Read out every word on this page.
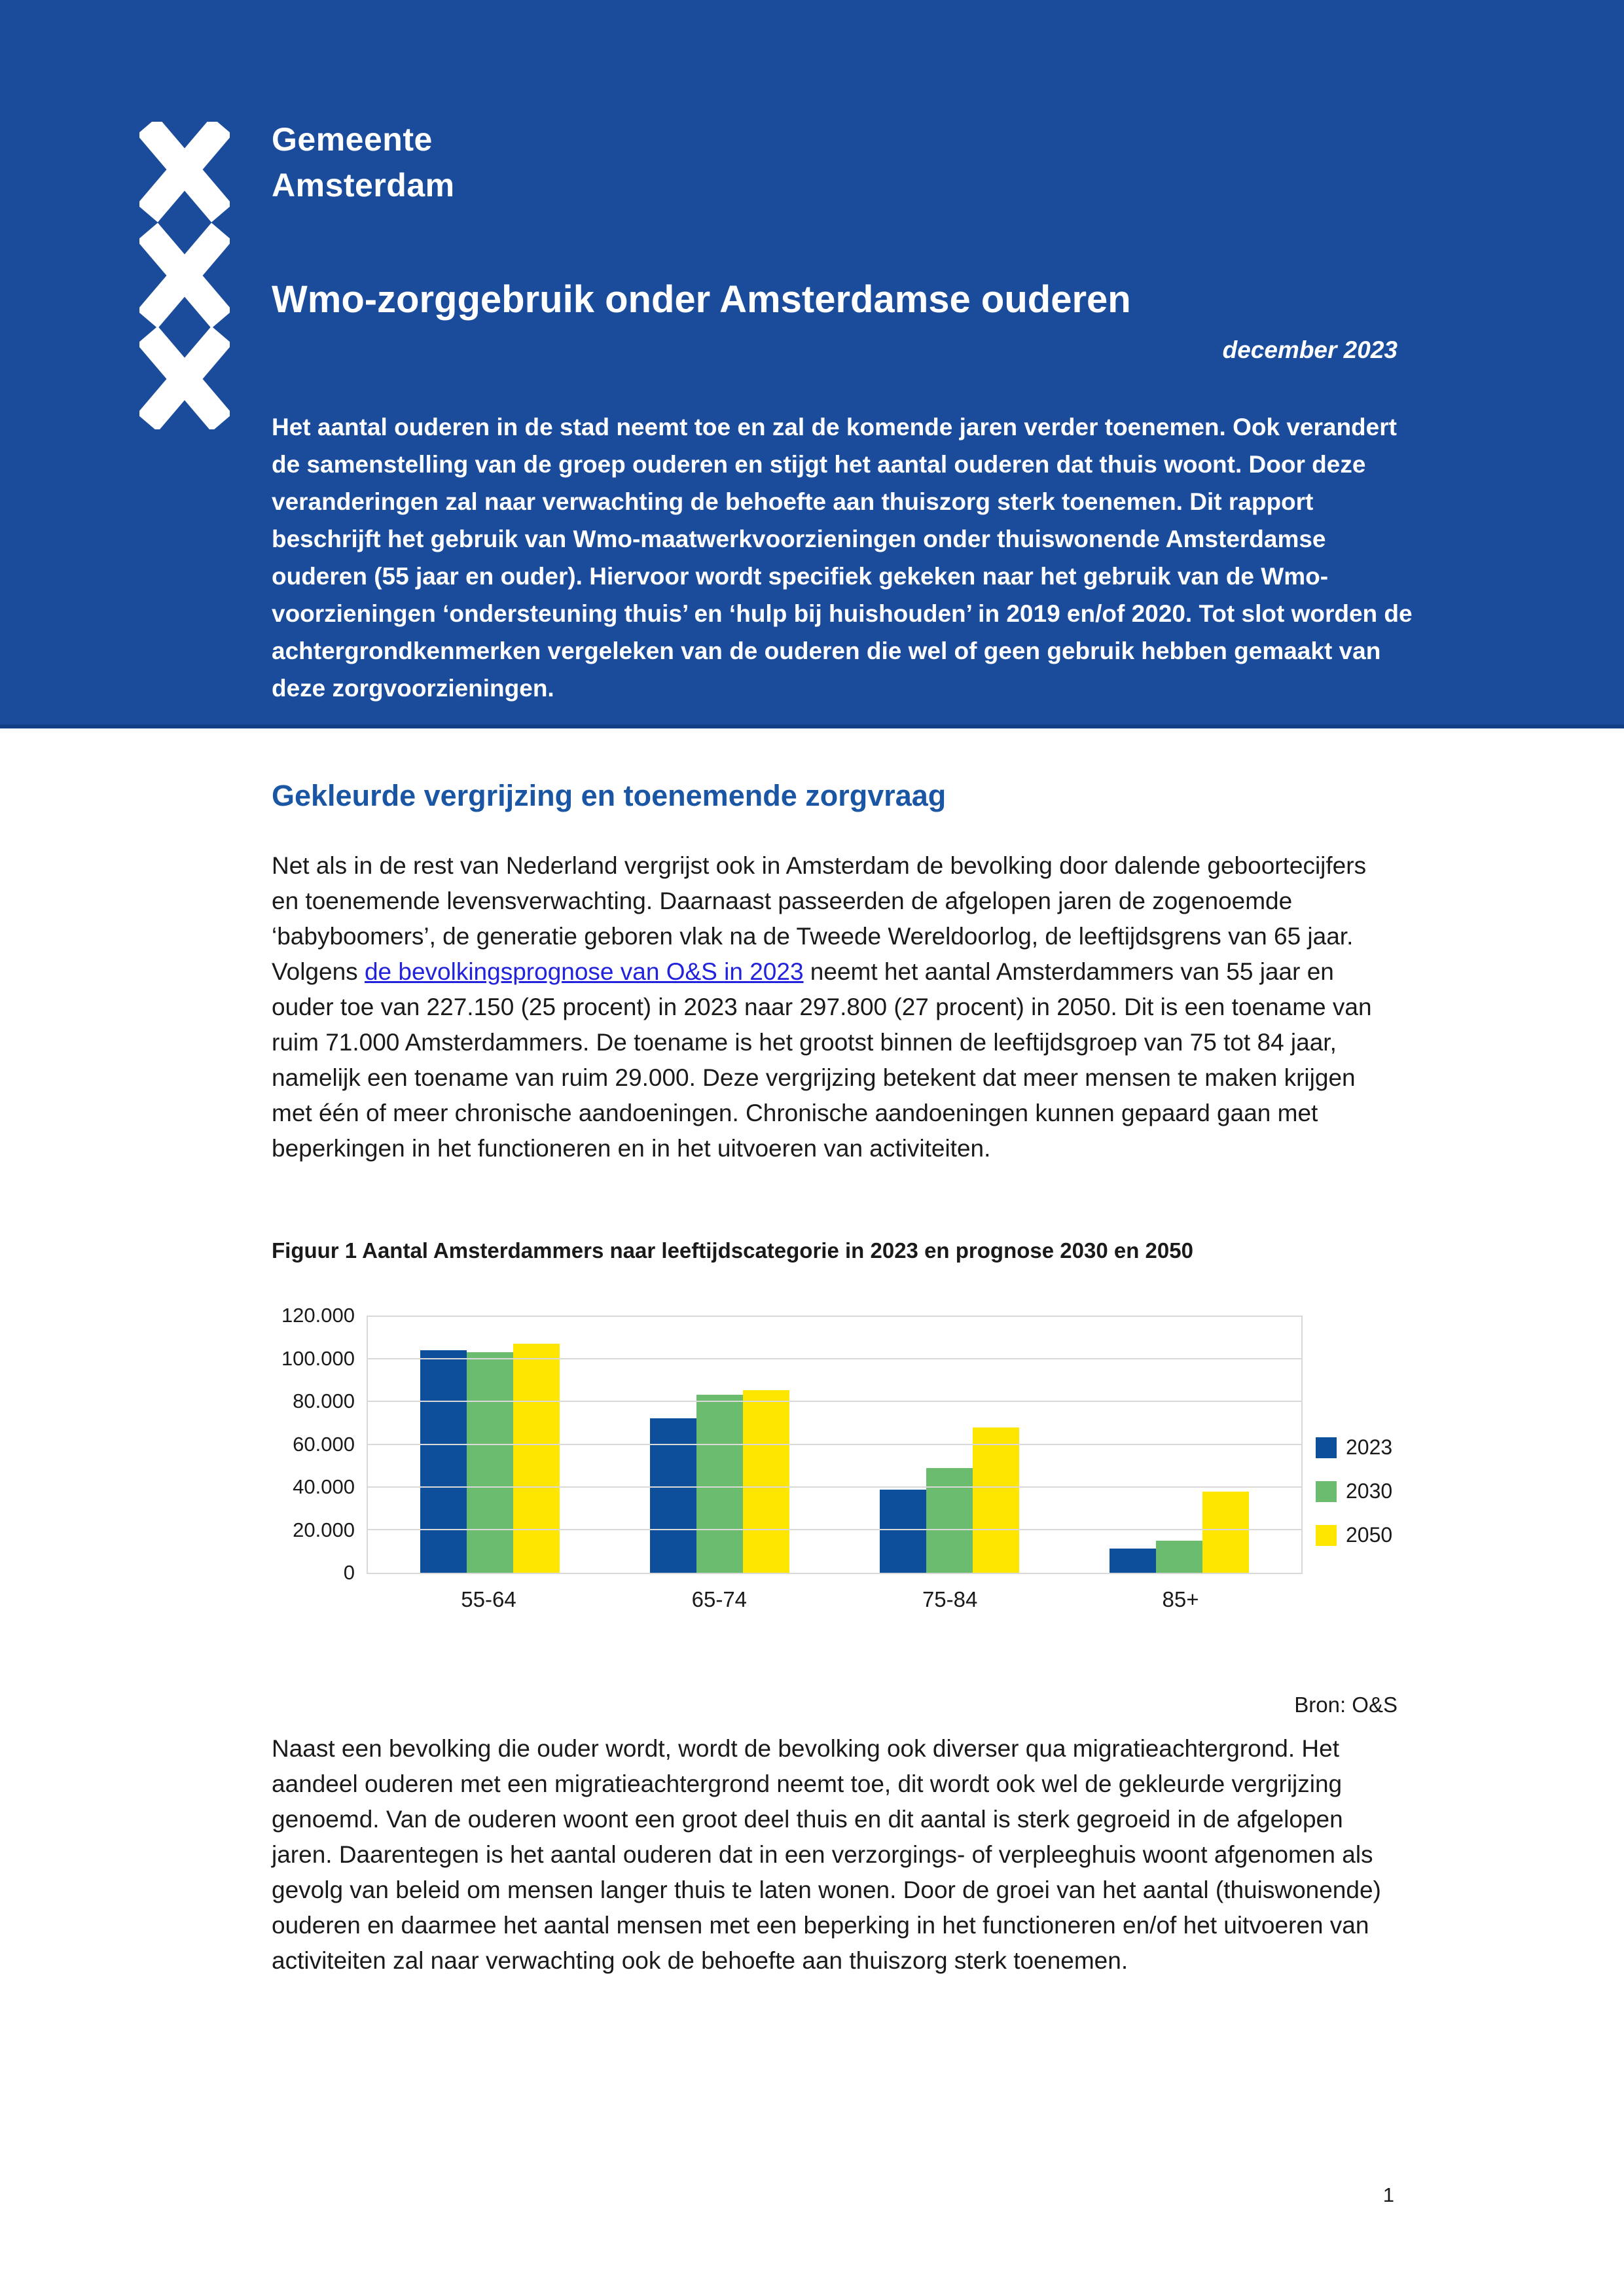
Gemeente
Amsterdam
Wmo-zorggebruik onder Amsterdamse ouderen
december 2023

Het aantal ouderen in de stad neemt toe en zal de komende jaren verder toenemen. Ook verandert de samenstelling van de groep ouderen en stijgt het aantal ouderen dat thuis woont. Door deze veranderingen zal naar verwachting de behoefte aan thuiszorg sterk toenemen. Dit rapport beschrijft het gebruik van Wmo-maatwerkvoorzieningen onder thuiswonende Amsterdamse ouderen (55 jaar en ouder). Hiervoor wordt specifiek gekeken naar het gebruik van de Wmo-voorzieningen ‘ondersteuning thuis’ en ‘hulp bij huishouden’ in 2019 en/of 2020. Tot slot worden de achtergrondkenmerken vergeleken van de ouderen die wel of geen gebruik hebben gemaakt van deze zorgvoorzieningen.

Gekleurde vergrijzing en toenemende zorgvraag

Net als in de rest van Nederland vergrijst ook in Amsterdam de bevolking door dalende geboortecijfers en toenemende levensverwachting. Daarnaast passeerden de afgelopen jaren de zogenoemde ‘babyboomers’, de generatie geboren vlak na de Tweede Wereldoorlog, de leeftijdsgrens van 65 jaar. Volgens de bevolkingsprognose van O&S in 2023 neemt het aantal Amsterdammers van 55 jaar en ouder toe van 227.150 (25 procent) in 2023 naar 297.800 (27 procent) in 2050. Dit is een toename van ruim 71.000 Amsterdammers. De toename is het grootst binnen de leeftijdsgroep van 75 tot 84 jaar, namelijk een toename van ruim 29.000. Deze vergrijzing betekent dat meer mensen te maken krijgen met één of meer chronische aandoeningen. Chronische aandoeningen kunnen gepaard gaan met beperkingen in het functioneren en in het uitvoeren van activiteiten.

Figuur 1 Aantal Amsterdammers naar leeftijdscategorie in 2023 en prognose 2030 en 2050
0
20.000
40.000
60.000
80.000
100.000
120.000
55-64	65-74	75-84	85+
2023
2030
2050
Bron: O&S

Naast een bevolking die ouder wordt, wordt de bevolking ook diverser qua migratieachtergrond. Het aandeel ouderen met een migratieachtergrond neemt toe, dit wordt ook wel de gekleurde vergrijzing genoemd. Van de ouderen woont een groot deel thuis en dit aantal is sterk gegroeid in de afgelopen jaren. Daarentegen is het aantal ouderen dat in een verzorgings- of verpleeghuis woont afgenomen als gevolg van beleid om mensen langer thuis te laten wonen. Door de groei van het aantal (thuiswonende) ouderen en daarmee het aantal mensen met een beperking in het functioneren en/of het uitvoeren van activiteiten zal naar verwachting ook de behoefte aan thuiszorg sterk toenemen.

1
